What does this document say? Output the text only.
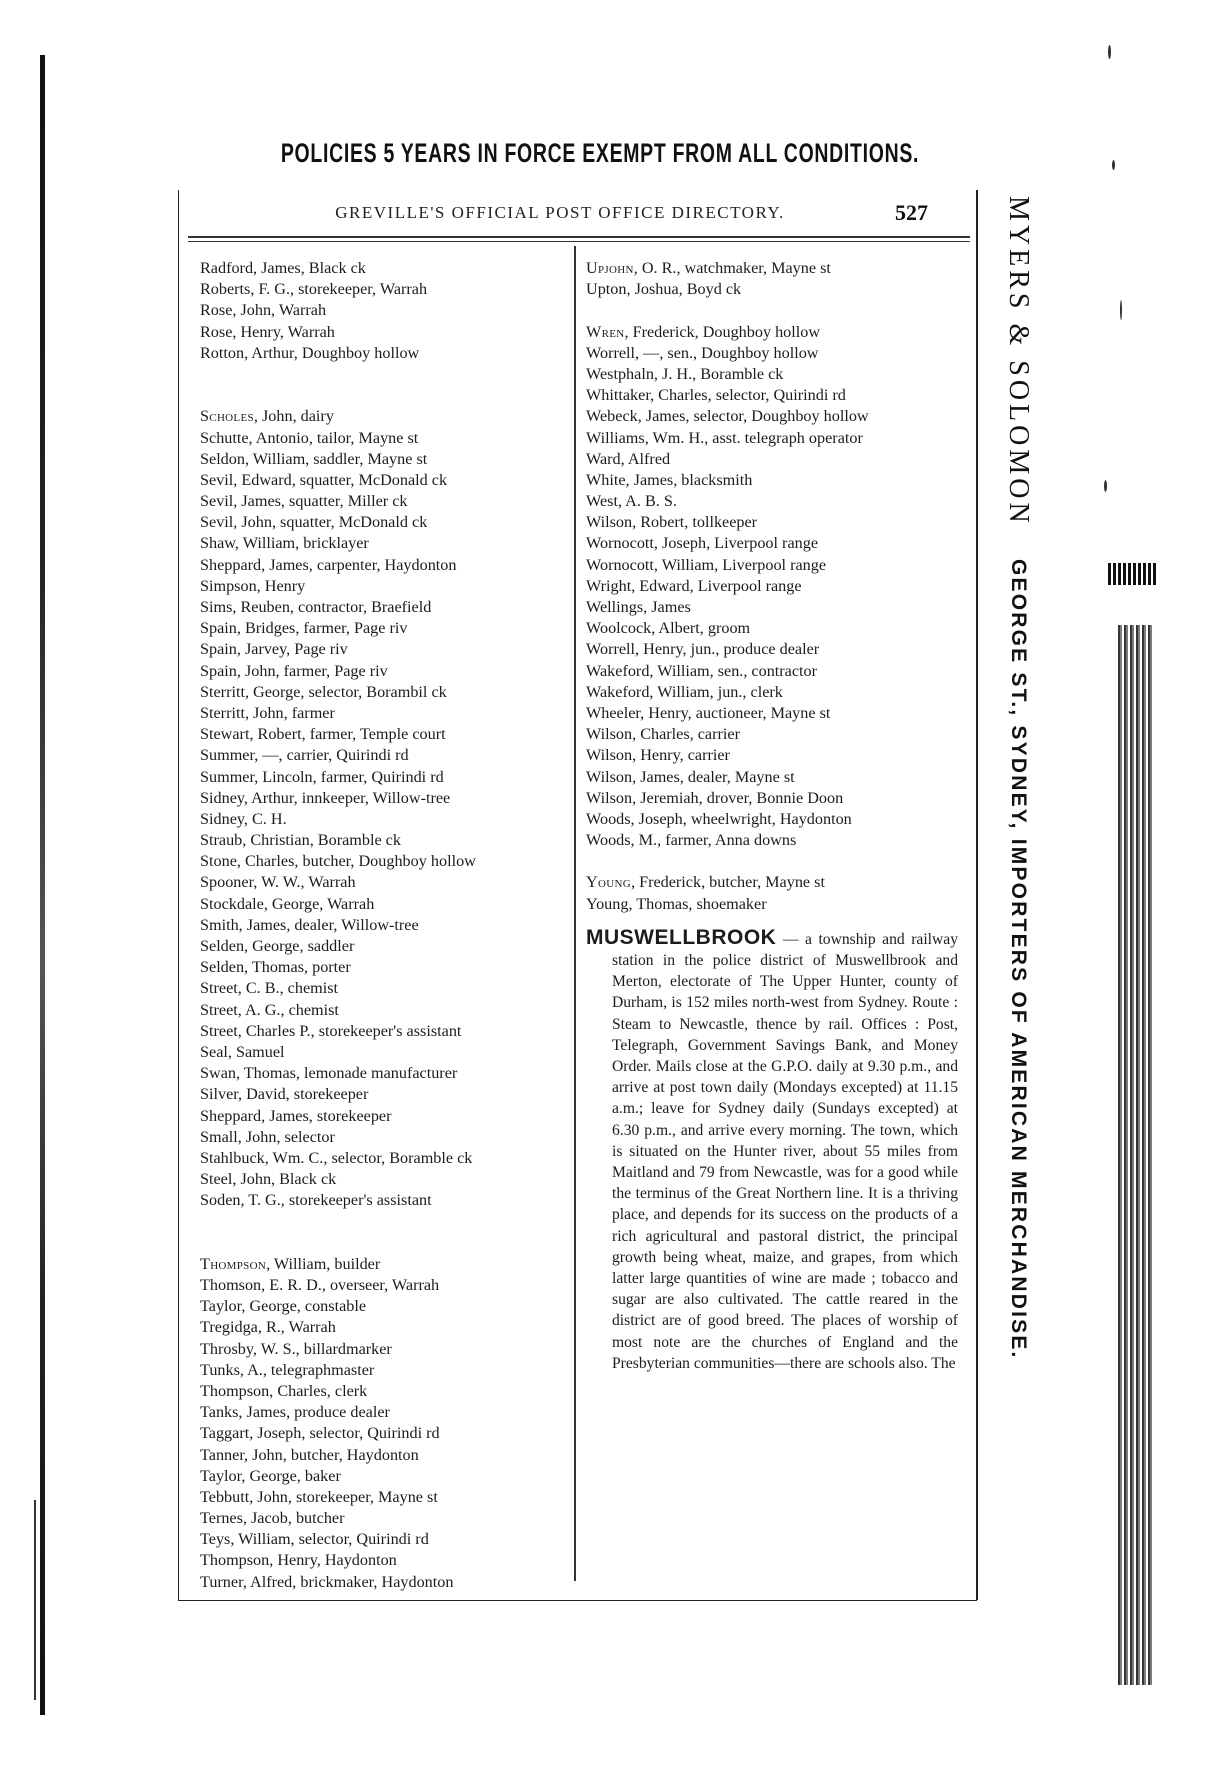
POLICIES 5 YEARS IN FORCE EXEMPT FROM ALL CONDITIONS.
GREVILLE'S OFFICIAL POST OFFICE DIRECTORY.	527
Radford, James, Black ck
Roberts, F. G., storekeeper, Warrah
Rose, John, Warrah
Rose, Henry, Warrah
Rotton, Arthur, Doughboy hollow
Scholes, John, dairy
Schutte, Antonio, tailor, Mayne st
Seldon, William, saddler, Mayne st
Sevil, Edward, squatter, McDonald ck
Sevil, James, squatter, Miller ck
Sevil, John, squatter, McDonald ck
Shaw, William, bricklayer
Sheppard, James, carpenter, Haydonton
Simpson, Henry
Sims, Reuben, contractor, Braefield
Spain, Bridges, farmer, Page riv
Spain, Jarvey, Page riv
Spain, John, farmer, Page riv
Sterritt, George, selector, Borambil ck
Sterritt, John, farmer
Stewart, Robert, farmer, Temple court
Summer, —, carrier, Quirindi rd
Summer, Lincoln, farmer, Quirindi rd
Sidney, Arthur, innkeeper, Willow-tree
Sidney, C. H.
Straub, Christian, Boramble ck
Stone, Charles, butcher, Doughboy hollow
Spooner, W. W., Warrah
Stockdale, George, Warrah
Smith, James, dealer, Willow-tree
Selden, George, saddler
Selden, Thomas, porter
Street, C. B., chemist
Street, A. G., chemist
Street, Charles P., storekeeper's assistant
Seal, Samuel
Swan, Thomas, lemonade manufacturer
Silver, David, storekeeper
Sheppard, James, storekeeper
Small, John, selector
Stahlbuck, Wm. C., selector, Boramble ck
Steel, John, Black ck
Soden, T. G., storekeeper's assistant
Thompson, William, builder
Thomson, E. R. D., overseer, Warrah
Taylor, George, constable
Tregidga, R., Warrah
Throsby, W. S., billardmarker
Tunks, A., telegraphmaster
Thompson, Charles, clerk
Tanks, James, produce dealer
Taggart, Joseph, selector, Quirindi rd
Tanner, John, butcher, Haydonton
Taylor, George, baker
Tebbutt, John, storekeeper, Mayne st
Ternes, Jacob, butcher
Teys, William, selector, Quirindi rd
Thompson, Henry, Haydonton
Turner, Alfred, brickmaker, Haydonton
Upjohn, O. R., watchmaker, Mayne st
Upton, Joshua, Boyd ck
Wren, Frederick, Doughboy hollow
Worrell, —, sen., Doughboy hollow
Westphaln, J. H., Boramble ck
Whittaker, Charles, selector, Quirindi rd
Webeck, James, selector, Doughboy hollow
Williams, Wm. H., asst. telegraph operator
Ward, Alfred
White, James, blacksmith
West, A. B. S.
Wilson, Robert, tollkeeper
Wornocott, Joseph, Liverpool range
Wornocott, William, Liverpool range
Wright, Edward, Liverpool range
Wellings, James
Woolcock, Albert, groom
Worrell, Henry, jun., produce dealer
Wakeford, William, sen., contractor
Wakeford, William, jun., clerk
Wheeler, Henry, auctioneer, Mayne st
Wilson, Charles, carrier
Wilson, Henry, carrier
Wilson, James, dealer, Mayne st
Wilson, Jeremiah, drover, Bonnie Doon
Woods, Joseph, wheelwright, Haydonton
Woods, M., farmer, Anna downs
Young, Frederick, butcher, Mayne st
Young, Thomas, shoemaker
MUSWELLBROOK — a township and railway station in the police district of Muswellbrook and Merton, electorate of The Upper Hunter, county of Durham, is 152 miles north-west from Sydney. Route : Steam to Newcastle, thence by rail. Offices : Post, Telegraph, Government Savings Bank, and Money Order. Mails close at the G.P.O. daily at 9.30 p.m., and arrive at post town daily (Mondays excepted) at 11.15 a.m.; leave for Sydney daily (Sundays excepted) at 6.30 p.m., and arrive every morning. The town, which is situated on the Hunter river, about 55 miles from Maitland and 79 from Newcastle, was for a good while the terminus of the Great Northern line. It is a thriving place, and depends for its success on the products of a rich agricultural and pastoral district, the principal growth being wheat, maize, and grapes, from which latter large quantities of wine are made ; tobacco and sugar are also cultivated. The cattle reared in the district are of good breed. The places of worship of most note are the churches of England and the Presbyterian communities—there are schools also. The
MYERS & SOLOMON GEORGE ST., SYDNEY, IMPORTERS OF AMERICAN MERCHANDISE.
